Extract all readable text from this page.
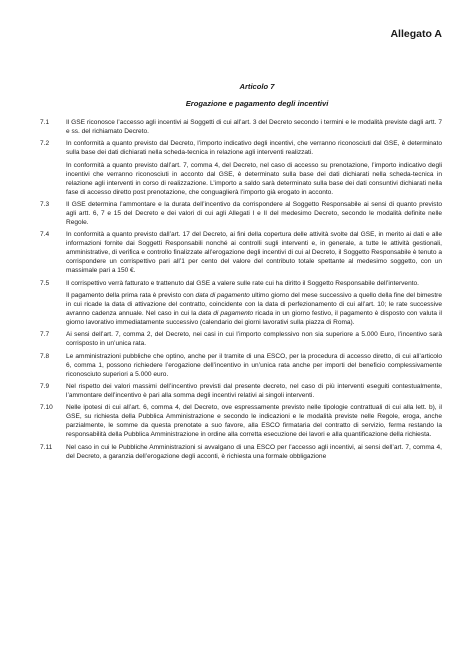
Allegato A
Articolo 7
Erogazione e pagamento degli incentivi
7.1	Il GSE riconosce l’accesso agli incentivi ai Soggetti di cui all’art. 3 del Decreto secondo i termini e le modalità previste dagli artt. 7 e ss. del richiamato Decreto.
7.2	In conformità a quanto previsto dal Decreto, l’importo indicativo degli incentivi, che verranno riconosciuti dal GSE, è determinato sulla base dei dati dichiarati nella scheda-tecnica in relazione agli interventi realizzati.
In conformità a quanto previsto dall’art. 7, comma 4, del Decreto, nel caso di accesso su prenotazione, l’importo indicativo degli incentivi che verranno riconosciuti in acconto dal GSE, è determinato sulla base dei dati dichiarati nella scheda-tecnica in relazione agli interventi in corso di realizzazione. L’importo a saldo sarà determinato sulla base dei dati consuntivi dichiarati nella fase di accesso diretto post prenotazione, che conguaglierà l’importo già erogato in acconto.
7.3	Il GSE determina l’ammontare e la durata dell’incentivo da corrispondere al Soggetto Responsabile ai sensi di quanto previsto agli artt. 6, 7 e 15 del Decreto e dei valori di cui agli Allegati I e II del medesimo Decreto, secondo le modalità definite nelle Regole.
7.4	In conformità a quanto previsto dall’art. 17 del Decreto, ai fini della copertura delle attività svolte dal GSE, in merito ai dati e alle informazioni fornite dai Soggetti Responsabili nonché ai controlli sugli interventi e, in generale, a tutte le attività gestionali, amministrative, di verifica e controllo finalizzate all’erogazione degli incentivi di cui al Decreto, il Soggetto Responsabile è tenuto a corrispondere un corrispettivo pari all’1 per cento del valore del contributo totale spettante al medesimo soggetto, con un massimale pari a 150 €.
7.5	Il corrispettivo verrà fatturato e trattenuto dal GSE a valere sulle rate cui ha diritto il Soggetto Responsabile dell’intervento.
Il pagamento della prima rata è previsto con data di pagamento ultimo giorno del mese successivo a quello della fine del bimestre in cui ricade la data di attivazione del contratto, coincidente con la data di perfezionamento di cui all’art. 10; le rate successive avranno cadenza annuale. Nel caso in cui la data di pagamento ricada in un giorno festivo, il pagamento è disposto con valuta il giorno lavorativo immediatamente successivo (calendario dei giorni lavorativi sulla piazza di Roma).
7.7	Ai sensi dell’art. 7, comma 2, del Decreto, nei casi in cui l’importo complessivo non sia superiore a 5.000 Euro, l’incentivo sarà corrisposto in un’unica rata.
7.8	Le amministrazioni pubbliche che optino, anche per il tramite di una ESCO, per la procedura di accesso diretto, di cui all’articolo 6, comma 1, possono richiedere l’erogazione dell’incentivo in un’unica rata anche per importi del beneficio complessivamente riconosciuto superiori a 5.000 euro.
7.9	Nel rispetto dei valori massimi dell’incentivo previsti dal presente decreto, nel caso di più interventi eseguiti contestualmente, l’ammontare dell’incentivo è pari alla somma degli incentivi relativi ai singoli interventi.
7.10	Nelle ipotesi di cui all’art. 6, comma 4, del Decreto, ove espressamente previsto nelle tipologie contrattuali di cui alla lett. b), il GSE, su richiesta della Pubblica Amministrazione e secondo le indicazioni e le modalità previste nelle Regole, eroga, anche parzialmente, le somme da questa prenotate a suo favore, alla ESCO firmataria del contratto di servizio, ferma restando la responsabilità della Pubblica Amministrazione in ordine alla corretta esecuzione dei lavori e alla quantificazione della richiesta.
7.11	Nel caso in cui le Pubbliche Amministrazioni si avvalgano di una ESCO per l’accesso agli incentivi, ai sensi dell’art. 7, comma 4, del Decreto, a garanzia dell’erogazione degli acconti, è richiesta una formale obbligazione
